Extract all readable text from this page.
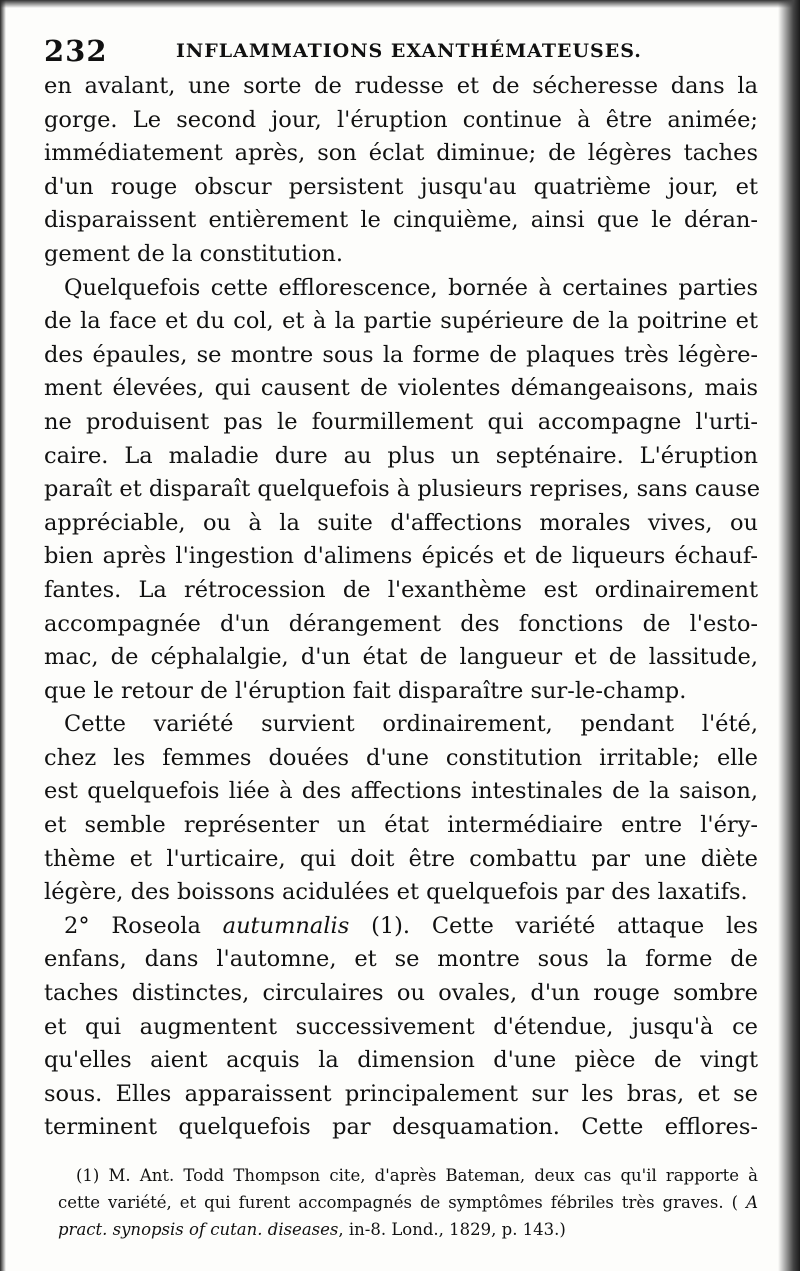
232	INFLAMMATIONS EXANTHÉMATEUSES.
en avalant, une sorte de rudesse et de sécheresse dans la
gorge. Le second jour, l'éruption continue à être animée;
immédiatement après, son éclat diminue; de légères taches
d'un rouge obscur persistent jusqu'au quatrième jour, et
disparaissent entièrement le cinquième, ainsi que le déran-
gement de la constitution.
Quelquefois cette efflorescence, bornée à certaines parties
de la face et du col, et à la partie supérieure de la poitrine et
des épaules, se montre sous la forme de plaques très légère-
ment élevées, qui causent de violentes démangeaisons, mais
ne produisent pas le fourmillement qui accompagne l'urti-
caire. La maladie dure au plus un septénaire. L'éruption
paraît et disparaît quelquefois à plusieurs reprises, sans cause
appréciable, ou à la suite d'affections morales vives, ou
bien après l'ingestion d'alimens épicés et de liqueurs échauf-
fantes. La rétrocession de l'exanthème est ordinairement
accompagnée d'un dérangement des fonctions de l'esto-
mac, de céphalalgie, d'un état de langueur et de lassitude,
que le retour de l'éruption fait disparaître sur-le-champ.
Cette variété survient ordinairement, pendant l'été,
chez les femmes douées d'une constitution irritable; elle
est quelquefois liée à des affections intestinales de la saison,
et semble représenter un état intermédiaire entre l'éry-
thème et l'urticaire, qui doit être combattu par une diète
légère, des boissons acidulées et quelquefois par des laxatifs.
2° Roseola autumnalis (1). Cette variété attaque les
enfans, dans l'automne, et se montre sous la forme de
taches distinctes, circulaires ou ovales, d'un rouge sombre
et qui augmentent successivement d'étendue, jusqu'à ce
qu'elles aient acquis la dimension d'une pièce de vingt
sous. Elles apparaissent principalement sur les bras, et se
terminent quelquefois par desquamation. Cette efflores-
(1) M. Ant. Todd Thompson cite, d'après Bateman, deux cas qu'il rapporte à
cette variété, et qui furent accompagnés de symptômes fébriles très graves. ( A
pract. synopsis of cutan. diseases, in-8. Lond., 1829, p. 143.)
